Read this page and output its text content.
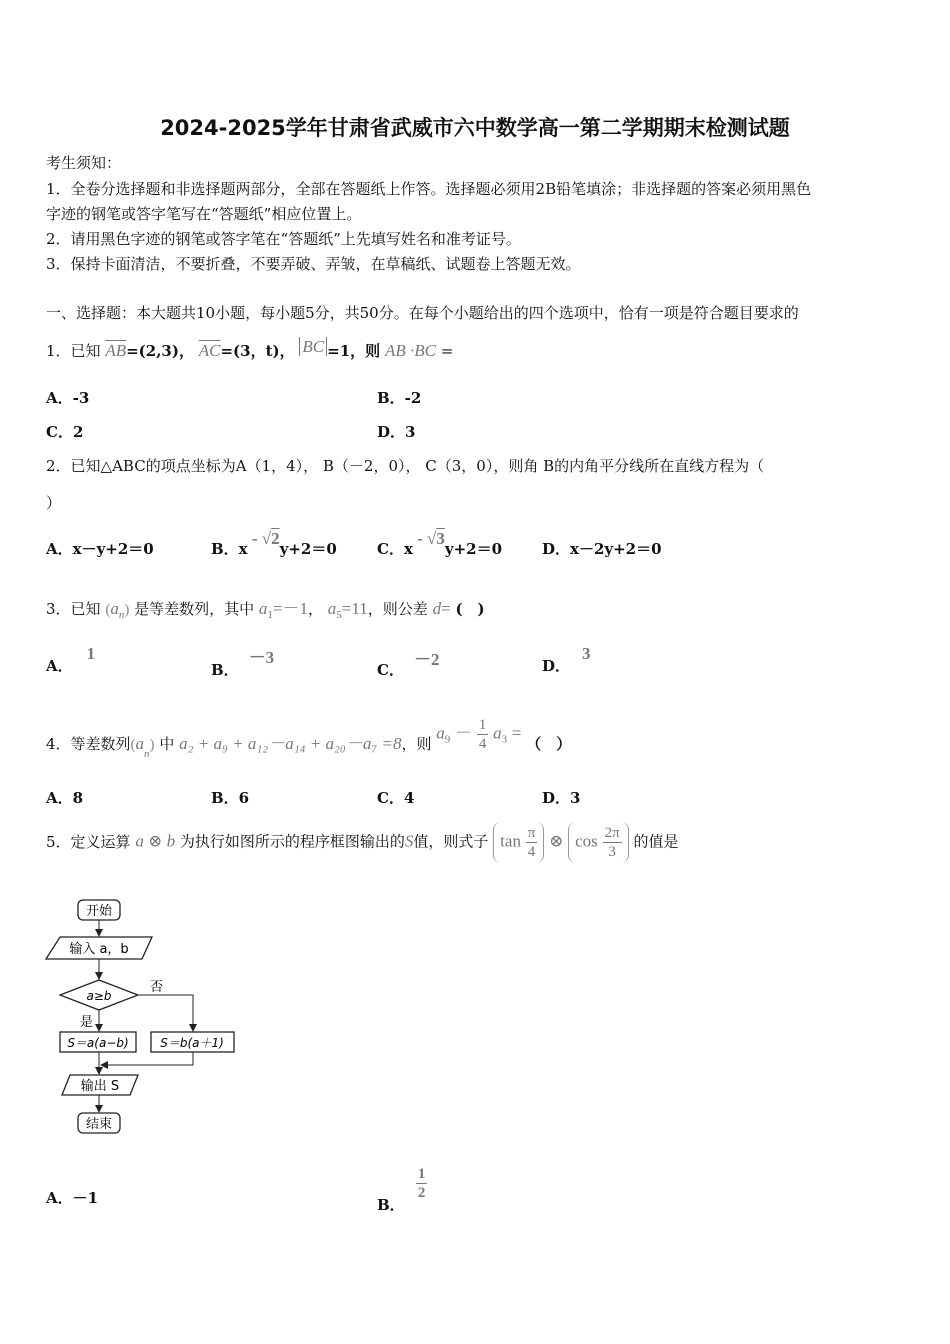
2024-2025学年甘肃省武威市六中数学高一第二学期期末检测试题
考生须知：
1．全卷分选择题和非选择题两部分，全部在答题纸上作答。选择题必须用2B铅笔填涂；非选择题的答案必须用黑色
字迹的钢笔或答字笔写在“答题纸”相应位置上。
2．请用黑色字迹的钢笔或答字笔在“答题纸”上先填写姓名和准考证号。
3．保持卡面清洁，不要折叠，不要弄破、弄皱，在草稿纸、试题卷上答题无效。
一、选择题：本大题共10小题，每小题5分，共50分。在每个小题给出的四个选项中，恰有一项是符合题目要求的
1．已知 $\overline{AB}=(2,3)$， $\overline{AC}=(3$，t)， BC =1，则 AB ·BC =
A．-3	B．-2
C．2	D．3
2．已知△ABC的项点坐标为A（1，4）， B（－2，0）， C（3，0），则角 B的内角平分线所在直线方程为（
）
A．x－y+2＝0	B．x - √2y+2＝0	C．x - √3y+2＝0	D．x－2y+2＝0
3．已知 $(a_n)$ 是等差数列，其中 $a_1=-1$， $a_5=11$，则公差 d= (　)
A．1
B．－3
C．－2	D．3
4．等差数列$(a_n)$ 中 a₂ + a₉ + a₁₂－a₁₄ + a₂₀－a₇ =8，则 $a_9 - \frac{1}{4} a_3$ = （　）
A．8	B．6	C．4	D．3
5．定义运算 a ⊗ b 为执行如图所示的程序框图输出的S值，则式子 $\tan \frac{\pi}{4}$ ⊗ $\cos \frac{2\pi}{3}$ 的值是
开始
输入 a，b
a≥b
否
是
S＝a(a−b)	S＝b(a＋1)
输出 S
结束
A．－1	B．
$\frac{1}{2}$
